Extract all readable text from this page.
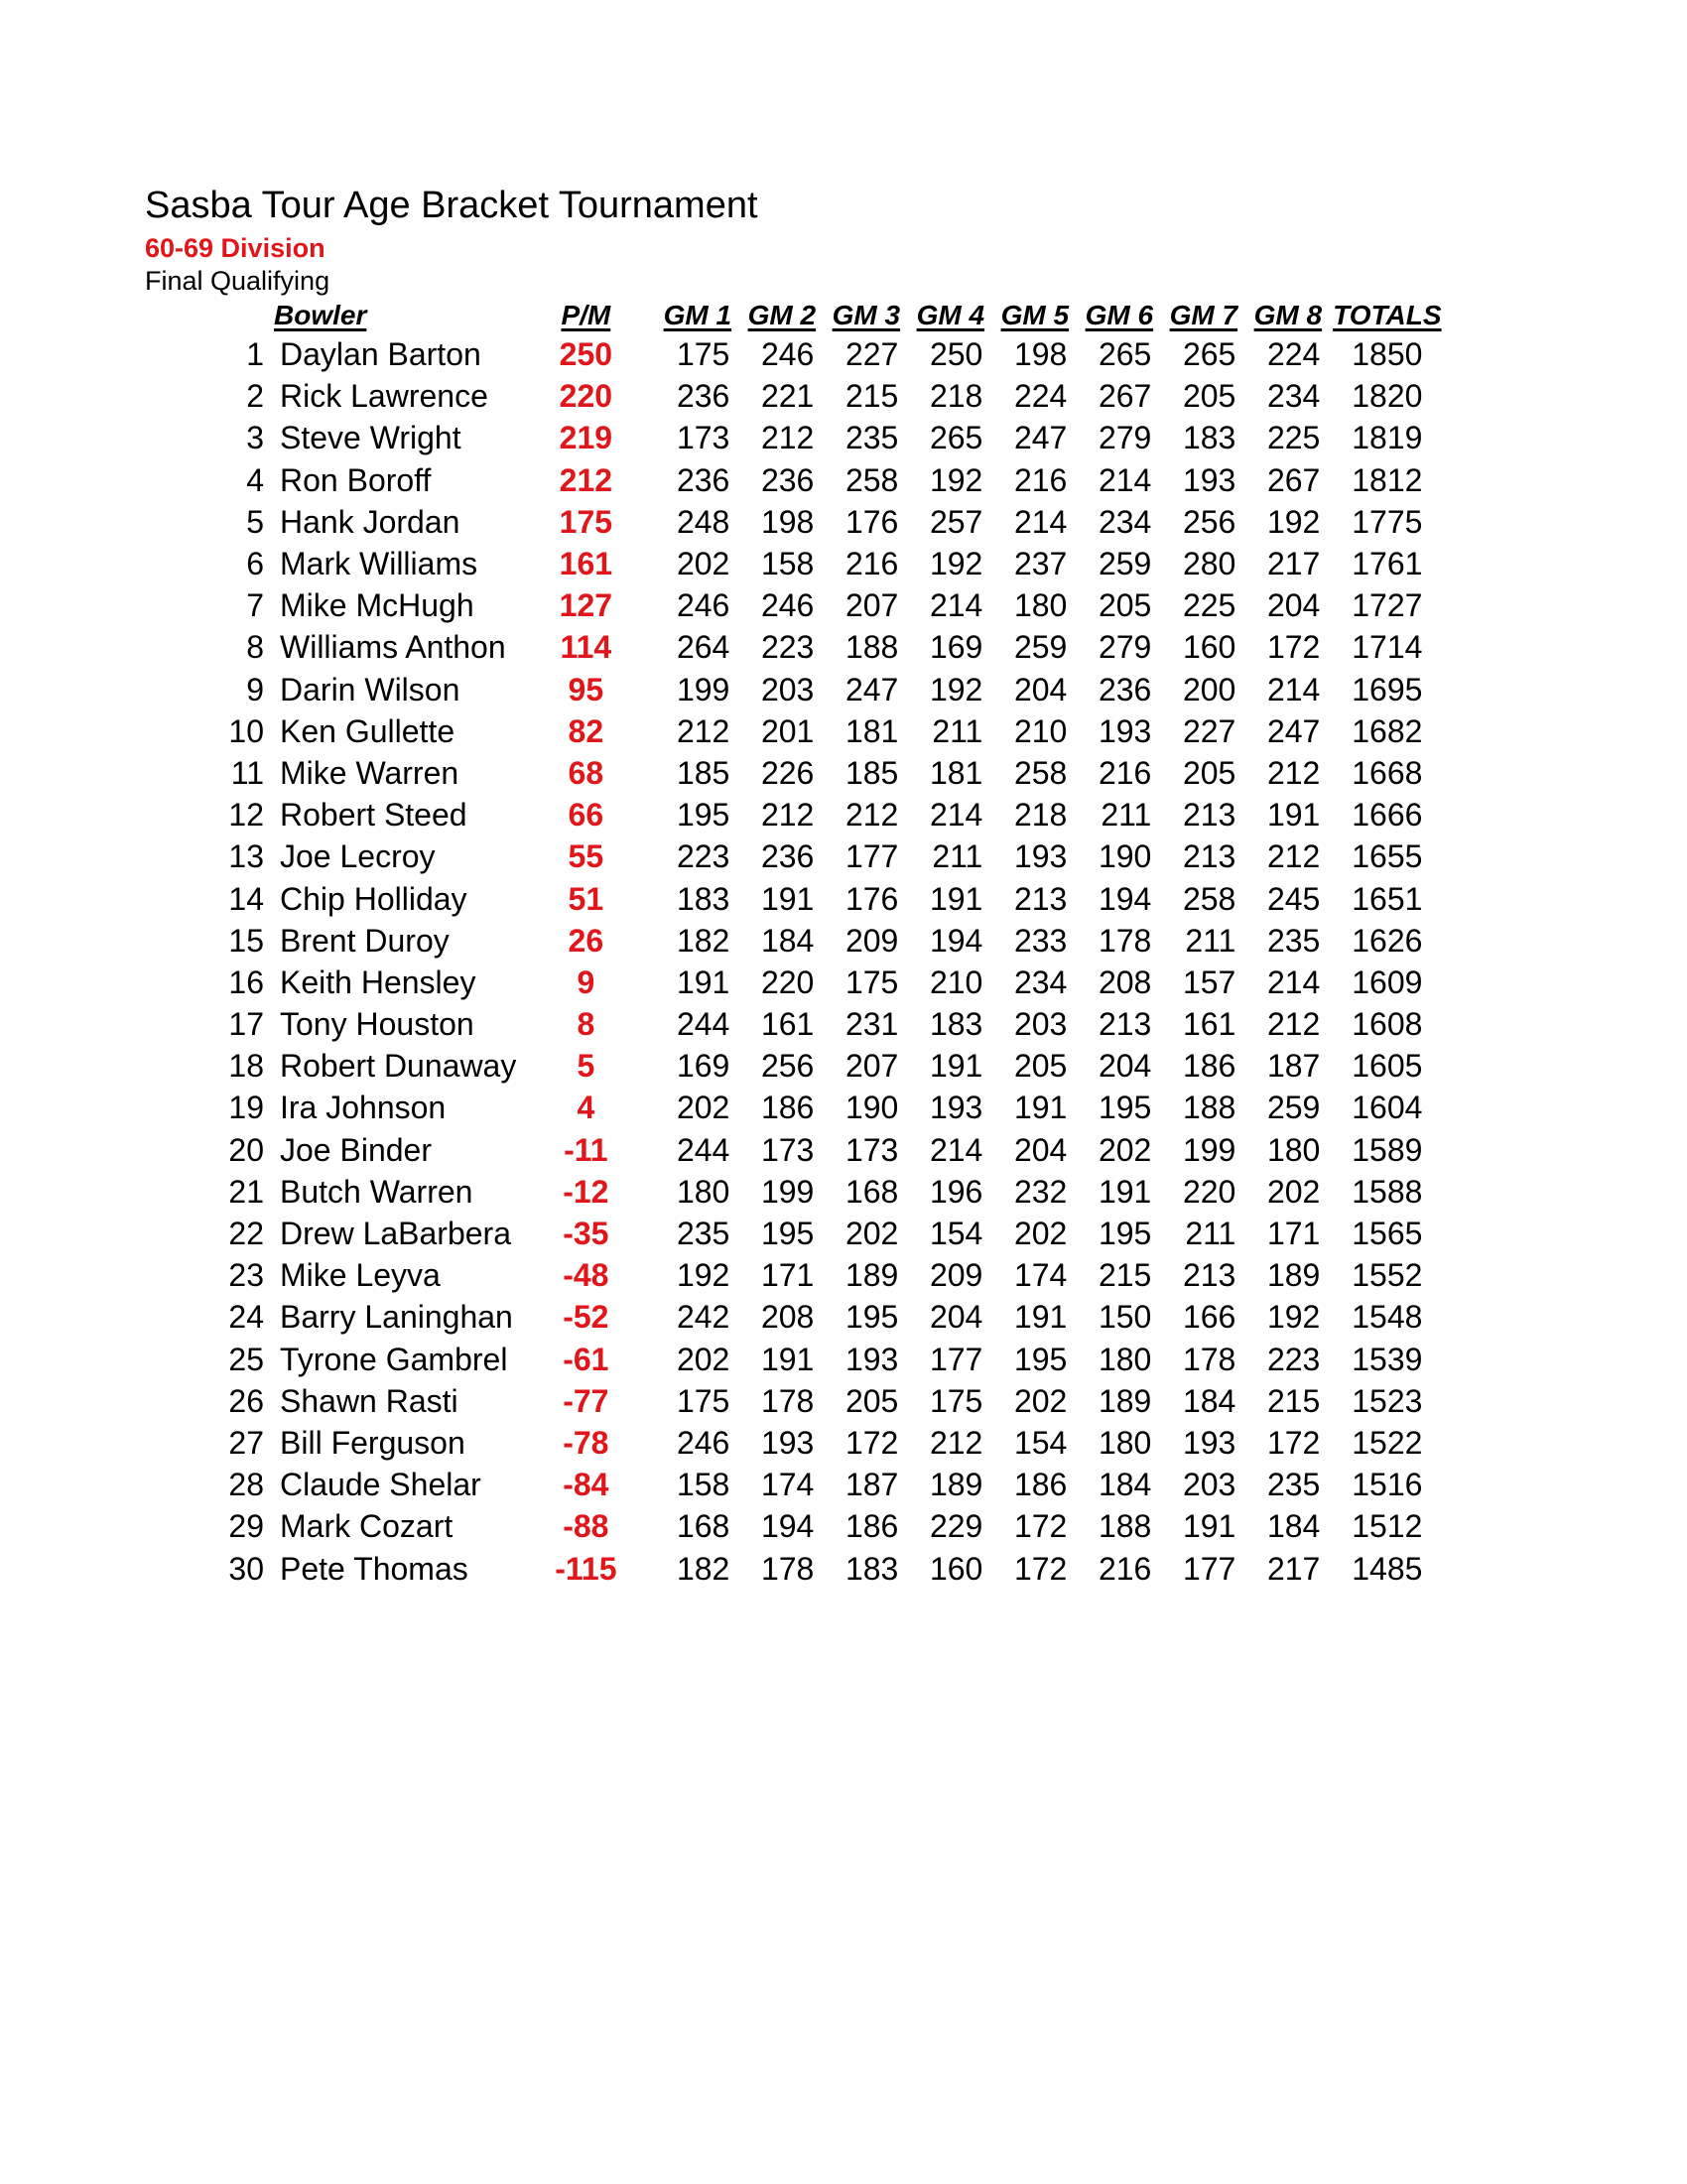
Sasba Tour Age Bracket Tournament
60-69 Division
Final Qualifying
	Bowler	P/M	GM 1	GM 2	GM 3	GM 4	GM 5	GM 6	GM 7	GM 8	TOTALS
1	Daylan Barton	250	175	246	227	250	198	265	265	224	1850
2	Rick Lawrence	220	236	221	215	218	224	267	205	234	1820
3	Steve Wright	219	173	212	235	265	247	279	183	225	1819
4	Ron Boroff	212	236	236	258	192	216	214	193	267	1812
5	Hank Jordan	175	248	198	176	257	214	234	256	192	1775
6	Mark Williams	161	202	158	216	192	237	259	280	217	1761
7	Mike McHugh	127	246	246	207	214	180	205	225	204	1727
8	Williams Anthon	114	264	223	188	169	259	279	160	172	1714
9	Darin Wilson	95	199	203	247	192	204	236	200	214	1695
10	Ken Gullette	82	212	201	181	211	210	193	227	247	1682
11	Mike Warren	68	185	226	185	181	258	216	205	212	1668
12	Robert Steed	66	195	212	212	214	218	211	213	191	1666
13	Joe Lecroy	55	223	236	177	211	193	190	213	212	1655
14	Chip Holliday	51	183	191	176	191	213	194	258	245	1651
15	Brent Duroy	26	182	184	209	194	233	178	211	235	1626
16	Keith Hensley	9	191	220	175	210	234	208	157	214	1609
17	Tony Houston	8	244	161	231	183	203	213	161	212	1608
18	Robert Dunaway	5	169	256	207	191	205	204	186	187	1605
19	Ira Johnson	4	202	186	190	193	191	195	188	259	1604
20	Joe Binder	-11	244	173	173	214	204	202	199	180	1589
21	Butch Warren	-12	180	199	168	196	232	191	220	202	1588
22	Drew LaBarbera	-35	235	195	202	154	202	195	211	171	1565
23	Mike Leyva	-48	192	171	189	209	174	215	213	189	1552
24	Barry Laninghan	-52	242	208	195	204	191	150	166	192	1548
25	Tyrone Gambrel	-61	202	191	193	177	195	180	178	223	1539
26	Shawn Rasti	-77	175	178	205	175	202	189	184	215	1523
27	Bill Ferguson	-78	246	193	172	212	154	180	193	172	1522
28	Claude Shelar	-84	158	174	187	189	186	184	203	235	1516
29	Mark Cozart	-88	168	194	186	229	172	188	191	184	1512
30	Pete Thomas	-115	182	178	183	160	172	216	177	217	1485
